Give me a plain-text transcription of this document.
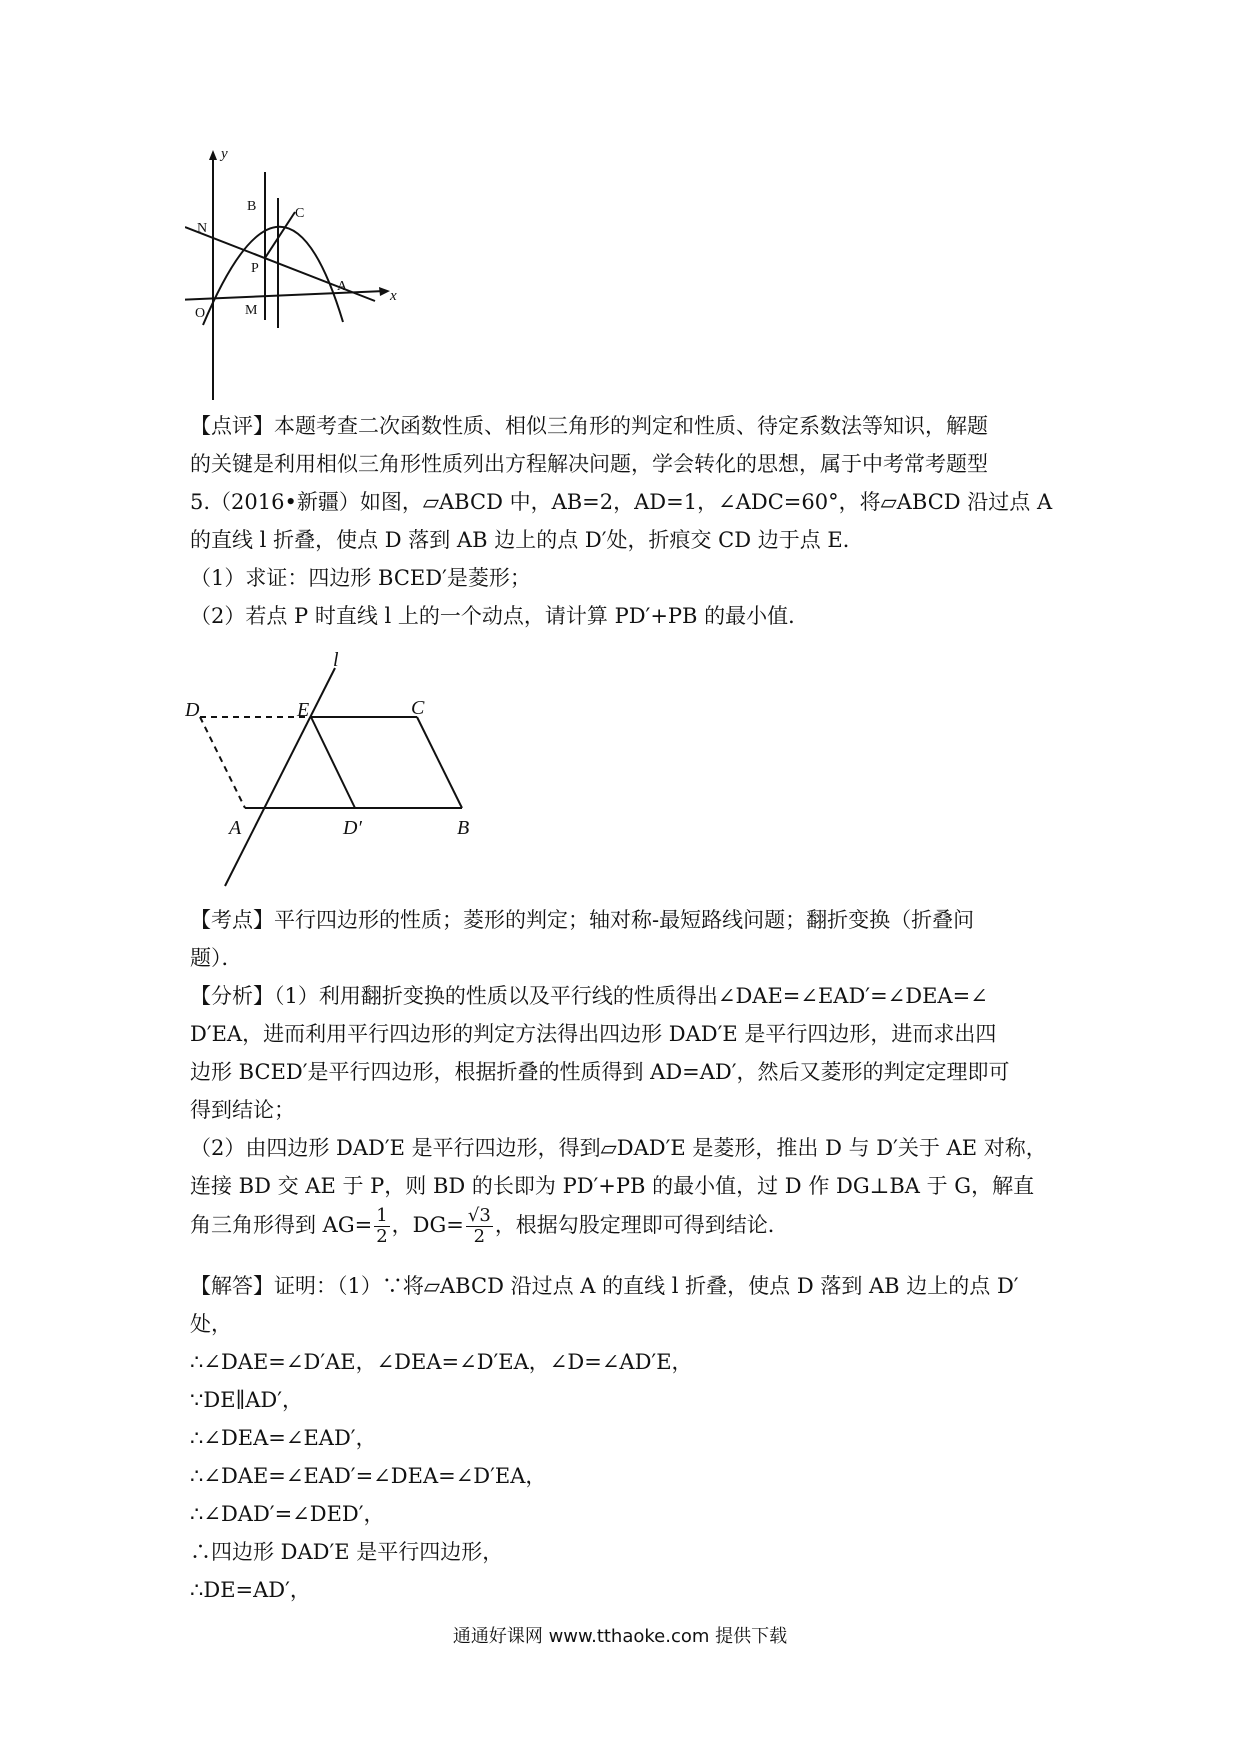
y
x
O
N
B	C
P
A
M
【点评】本题考查二次函数性质、相似三角形的判定和性质、待定系数法等知识，解题
的关键是利用相似三角形性质列出方程解决问题，学会转化的思想，属于中考常考题型
5.（2016•新疆）如图，▱ABCD 中，AB=2，AD=1，∠ADC=60°，将▱ABCD 沿过点 A
的直线 l 折叠，使点 D 落到 AB 边上的点 D′处，折痕交 CD 边于点 E．
（1）求证：四边形 BCED′是菱形；
（2）若点 P 时直线 l 上的一个动点，请计算 PD′+PB 的最小值．
l
D	E	C
A	D′	B
【考点】平行四边形的性质；菱形的判定；轴对称-最短路线问题；翻折变换（折叠问
题）．
【分析】（1）利用翻折变换的性质以及平行线的性质得出∠DAE=∠EAD′=∠DEA=∠
D′EA，进而利用平行四边形的判定方法得出四边形 DAD′E 是平行四边形，进而求出四
边形 BCED′是平行四边形，根据折叠的性质得到 AD=AD′，然后又菱形的判定定理即可
得到结论；
（2）由四边形 DAD′E 是平行四边形，得到▱DAD′E 是菱形，推出 D 与 D′关于 AE 对称，
连接 BD 交 AE 于 P，则 BD 的长即为 PD′+PB 的最小值，过 D 作 DG⊥BA 于 G，解直
角三角形得到 $AG= \frac{1}{2}$ ，$DG= \frac{√3}{2}$ ，根据勾股定理即可得到结论．
【解答】证明：（1）∵将▱ABCD 沿过点 A 的直线 l 折叠，使点 D 落到 AB 边上的点 D′
处，
∴∠DAE=∠D′AE，∠DEA=∠D′EA，∠D=∠AD′E，
∵DE∥AD′，
∴∠DEA=∠EAD′，
∴∠DAE=∠EAD′=∠DEA=∠D′EA，
∴∠DAD′=∠DED′，
∴四边形 DAD′E 是平行四边形，
∴DE=AD′，
通通好课网 www.tthaoke.com 提供下载
